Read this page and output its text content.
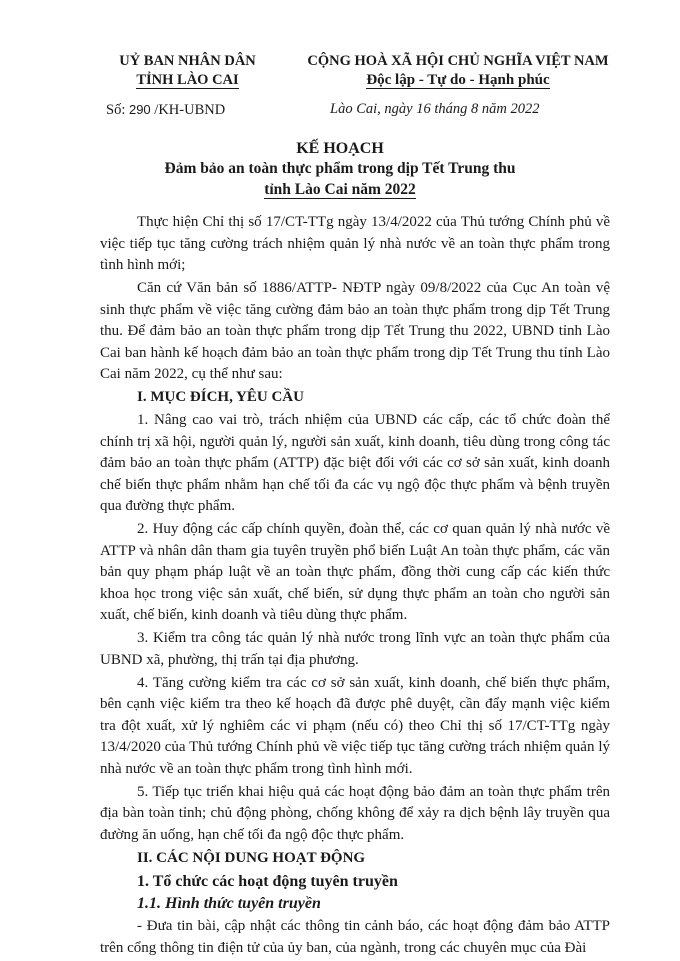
UỶ BAN NHÂN DÂN
TỈNH LÀO CAI
Số: 290 /KH-UBND
CỘNG HOÀ XÃ HỘI CHỦ NGHĨA VIỆT NAM
Độc lập - Tự do - Hạnh phúc
Lào Cai, ngày 16 tháng 8 năm 2022
KẾ HOẠCH
Đảm bảo an toàn thực phẩm trong dịp Tết Trung thu
tỉnh Lào Cai năm 2022

Thực hiện Chỉ thị số 17/CT-TTg ngày 13/4/2022 của Thủ tướng Chính phủ về việc tiếp tục tăng cường trách nhiệm quản lý nhà nước về an toàn thực phẩm trong tình hình mới;

Căn cứ Văn bản số 1886/ATTP- NĐTP ngày 09/8/2022 của Cục An toàn vệ sinh thực phẩm về việc tăng cường đảm bảo an toàn thực phẩm trong dịp Tết Trung thu. Để đảm bảo an toàn thực phẩm trong dịp Tết Trung thu 2022, UBND tỉnh Lào Cai ban hành kế hoạch đảm bảo an toàn thực phẩm trong dịp Tết Trung thu tỉnh Lào Cai năm 2022, cụ thể như sau:

I. MỤC ĐÍCH, YÊU CẦU

1. Nâng cao vai trò, trách nhiệm của UBND các cấp, các tổ chức đoàn thể chính trị xã hội, người quản lý, người sản xuất, kinh doanh, tiêu dùng trong công tác đảm bảo an toàn thực phẩm (ATTP) đặc biệt đối với các cơ sở sản xuất, kinh doanh chế biến thực phẩm nhằm hạn chế tối đa các vụ ngộ độc thực phẩm và bệnh truyền qua đường thực phẩm.

2. Huy động các cấp chính quyền, đoàn thể, các cơ quan quản lý nhà nước về ATTP và nhân dân tham gia tuyên truyền phổ biến Luật An toàn thực phẩm, các văn bản quy phạm pháp luật về an toàn thực phẩm, đồng thời cung cấp các kiến thức khoa học trong việc sản xuất, chế biến, sử dụng thực phẩm an toàn cho người sản xuất, chế biến, kinh doanh và tiêu dùng thực phẩm.

3. Kiểm tra công tác quản lý nhà nước trong lĩnh vực an toàn thực phẩm của UBND xã, phường, thị trấn tại địa phương.

4. Tăng cường kiểm tra các cơ sở sản xuất, kinh doanh, chế biến thực phẩm, bên cạnh việc kiểm tra theo kế hoạch đã được phê duyệt, cần đẩy mạnh việc kiểm tra đột xuất, xử lý nghiêm các vi phạm (nếu có) theo Chỉ thị số 17/CT-TTg ngày 13/4/2020 của Thủ tướng Chính phủ về việc tiếp tục tăng cường trách nhiệm quản lý nhà nước về an toàn thực phẩm trong tình hình mới.

5. Tiếp tục triển khai hiệu quả các hoạt động bảo đảm an toàn thực phẩm trên địa bàn toàn tỉnh; chủ động phòng, chống không để xảy ra dịch bệnh lây truyền qua đường ăn uống, hạn chế tối đa ngộ độc thực phẩm.

II. CÁC NỘI DUNG HOẠT ĐỘNG

1. Tổ chức các hoạt động tuyên truyền

1.1. Hình thức tuyên truyền

- Đưa tin bài, cập nhật các thông tin cảnh báo, các hoạt động đảm bảo ATTP trên cổng thông tin điện tử của ủy ban, của ngành, trong các chuyên mục của Đài
